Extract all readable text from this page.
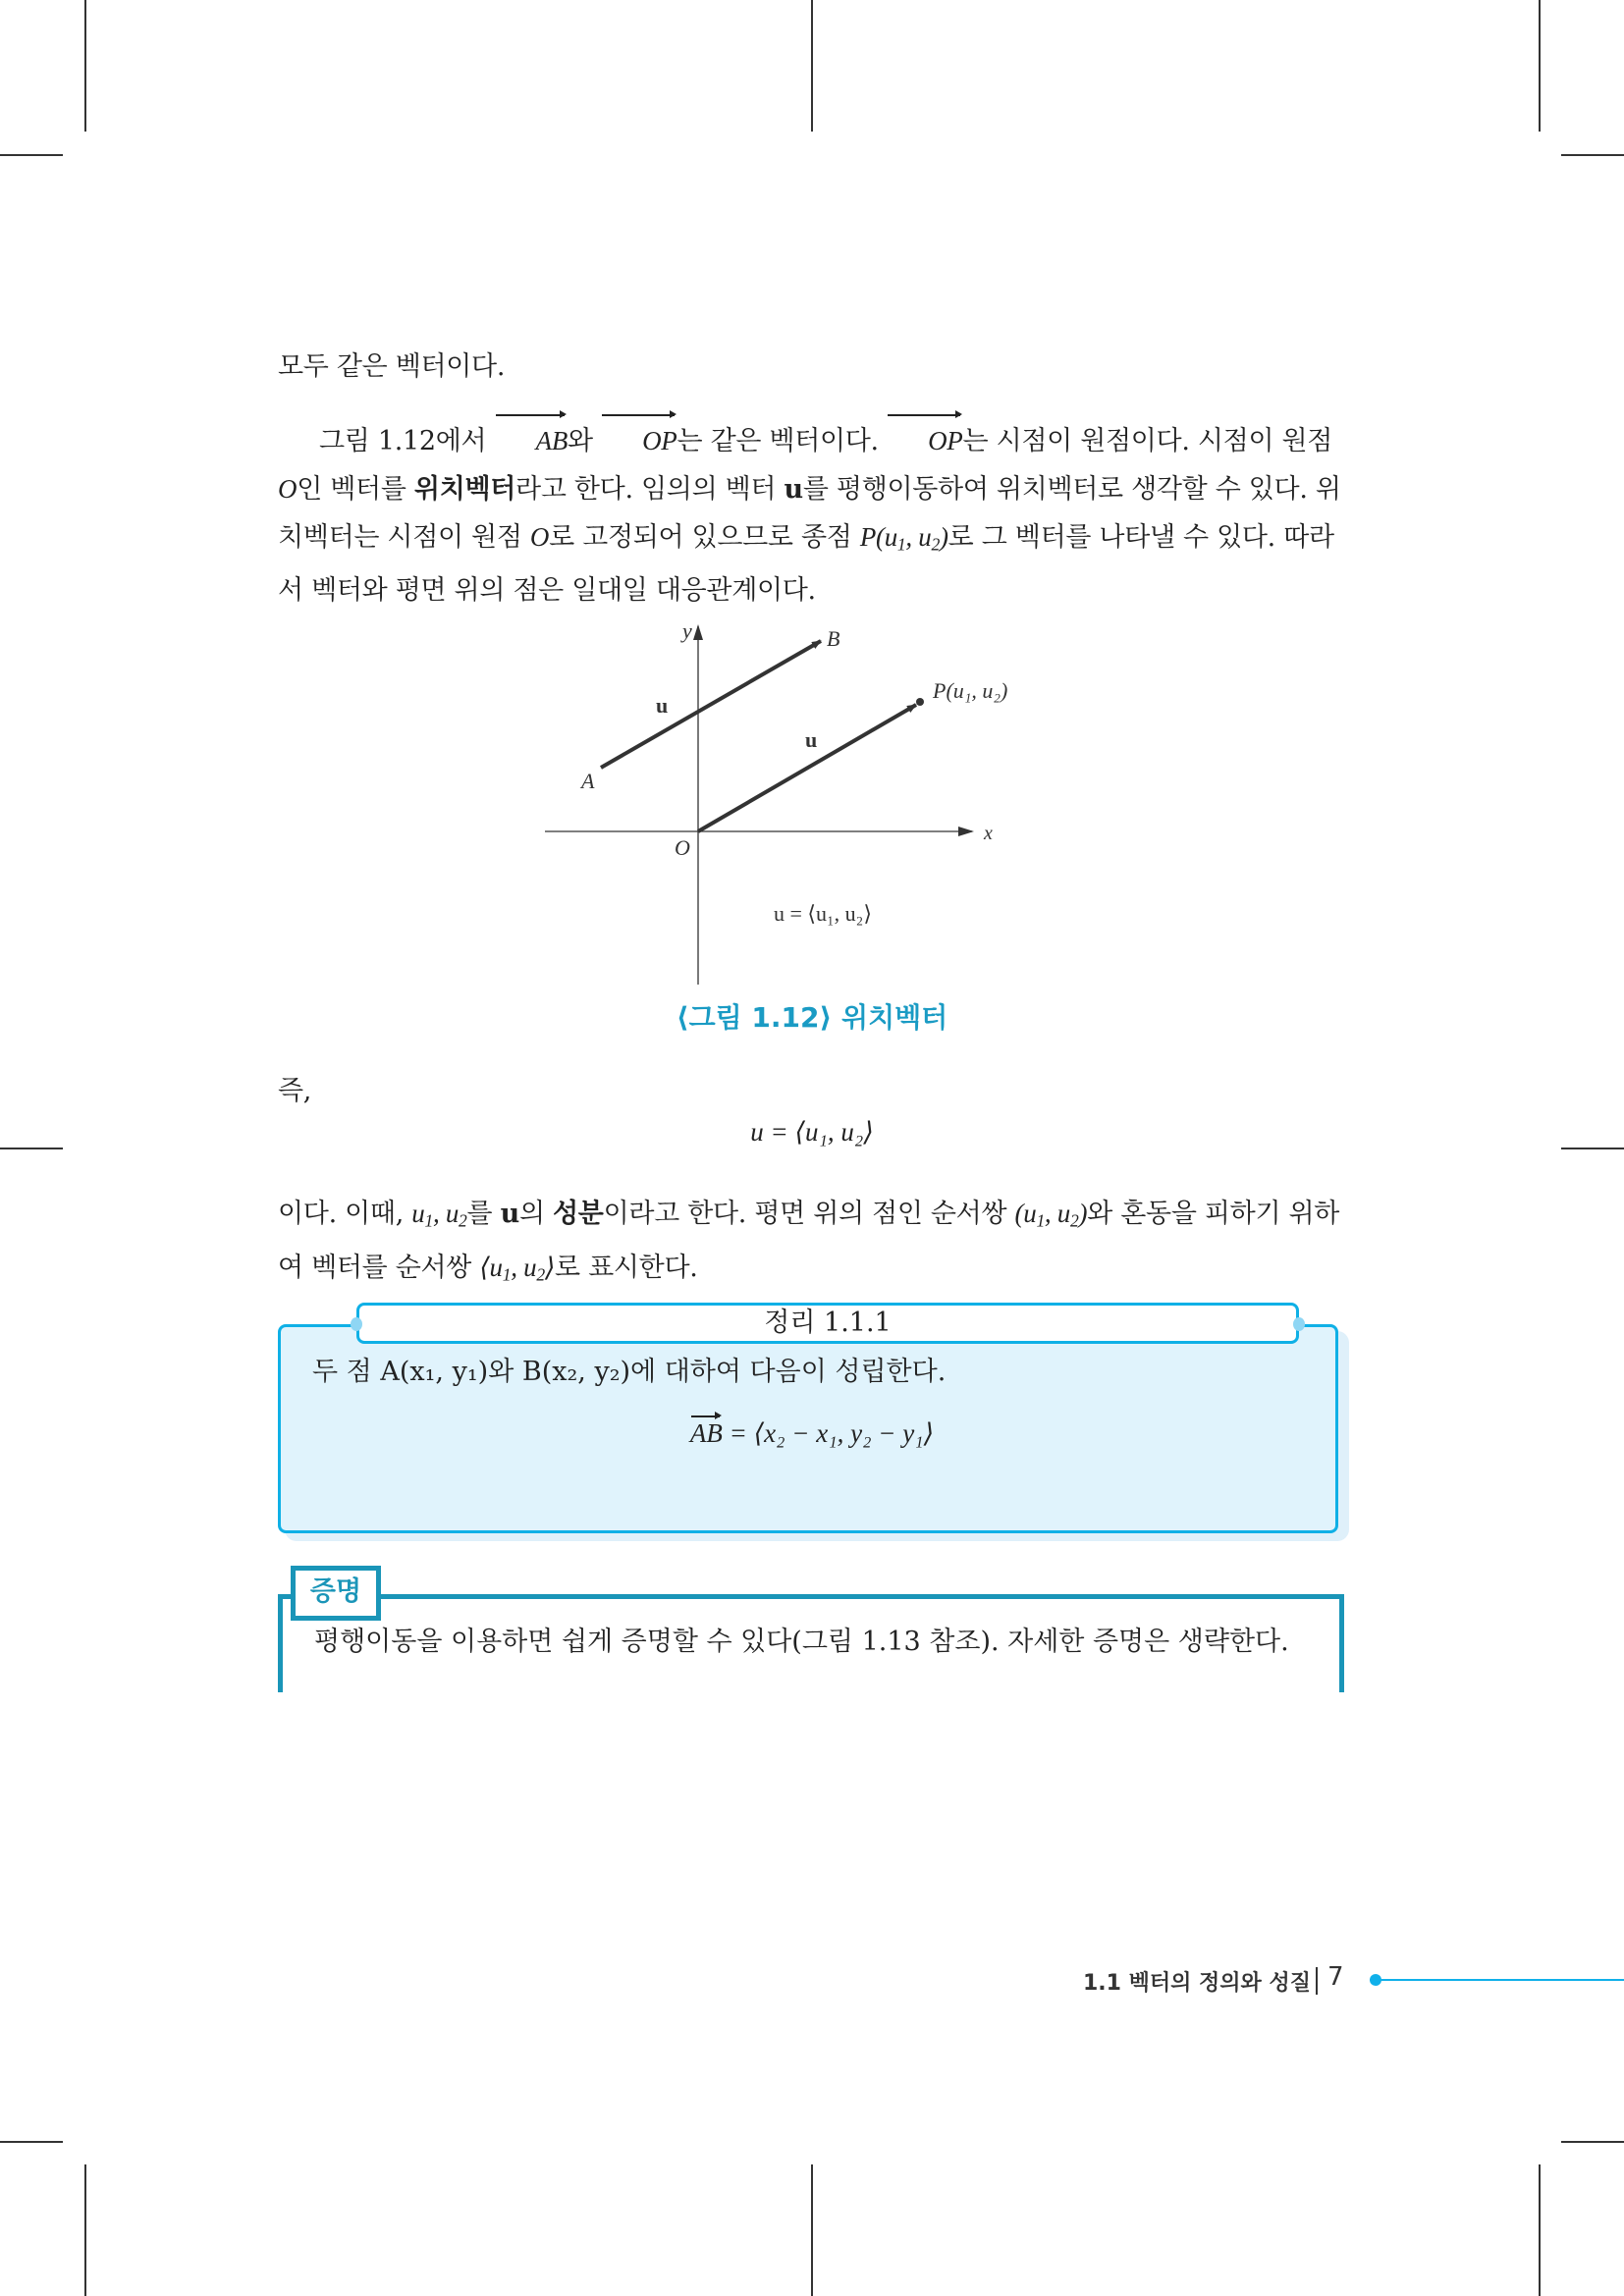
모두 같은 벡터이다.
그림 1.12에서 AB와 OP는 같은 벡터이다. OP는 시점이 원점이다. 시점이 원점 O인 벡터를 위치벡터라고 한다. 임의의 벡터 u를 평행이동하여 위치벡터로 생각할 수 있다. 위치벡터는 시점이 원점 O로 고정되어 있으므로 종점 $P(u_1$, $u_2$)로 그 벡터를 나타낼 수 있다. 따라서 벡터와 평면 위의 점은 일대일 대응관계이다.
y	B
A
O
x
u
u
P(u₁, u₂)
u = ⟨u₁, u₂⟩
⟨그림 1.12⟩ 위치벡터
즉,
u = ⟨u₁, u₂⟩
이다. 이때, $u_1$, $u_2$를 u의 성분이라고 한다. 평면 위의 점인 순서쌍 ($u_1$, $u_2$)와 혼동을 피하기 위하여 벡터를 순서쌍 $⟨u_1$, $u_2⟩$로 표시한다.
정리 1.1.1
두 점 A(x₁, y₁)와 B(x₂, y₂)에 대하여 다음이 성립한다.
AB = ⟨x₂ − x₁, y₂ − y₁⟩
증명
평행이동을 이용하면 쉽게 증명할 수 있다(그림 1.13 참조). 자세한 증명은 생략한다.
1.1 벡터의 정의와 성질 7
